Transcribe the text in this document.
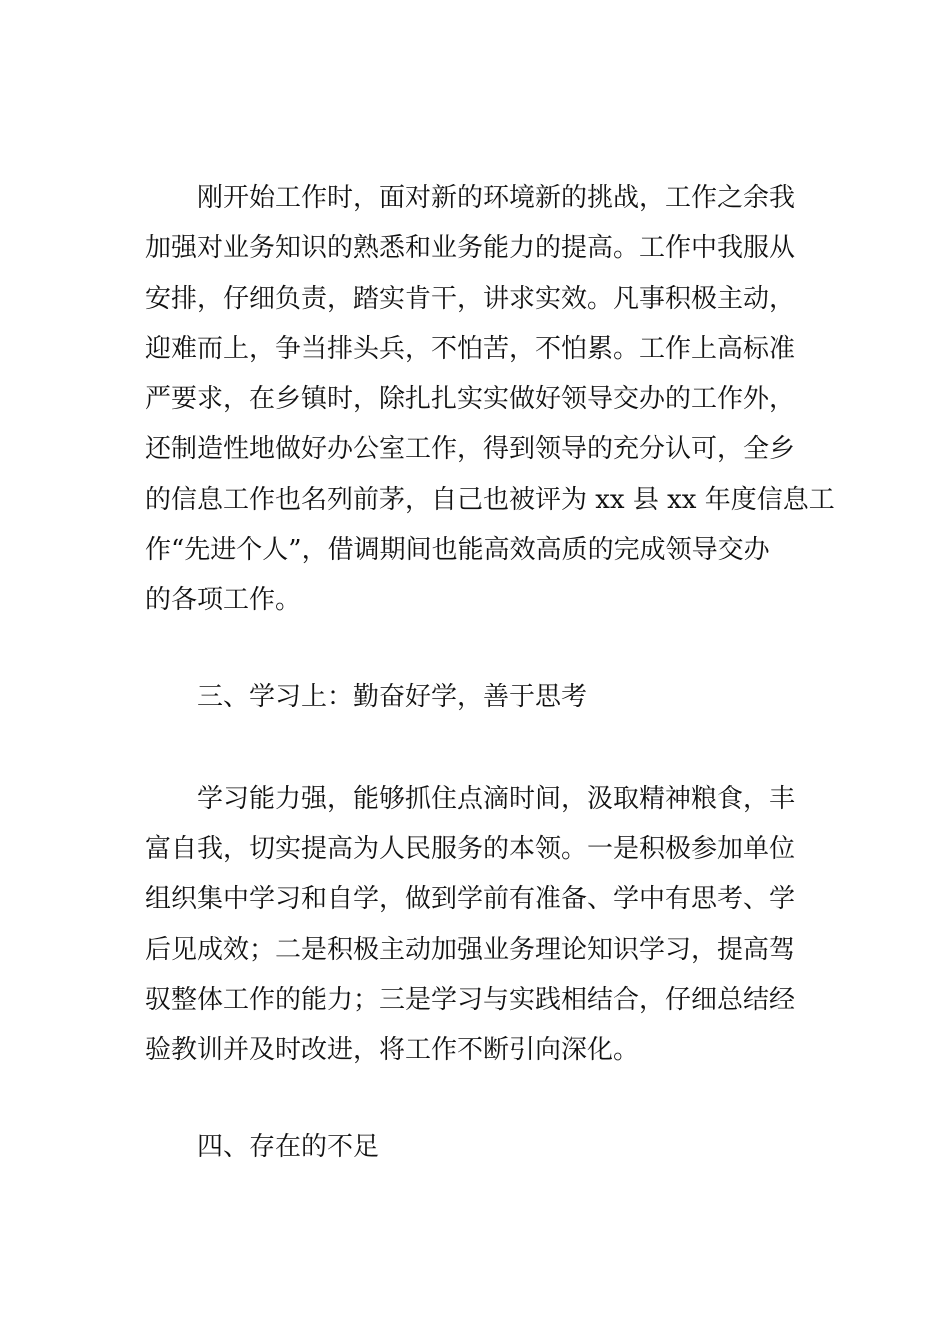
刚开始工作时，面对新的环境新的挑战，工作之余我
加强对业务知识的熟悉和业务能力的提高。工作中我服从
安排，仔细负责，踏实肯干，讲求实效。凡事积极主动，
迎难而上，争当排头兵，不怕苦，不怕累。工作上高标准
严要求，在乡镇时，除扎扎实实做好领导交办的工作外，
还制造性地做好办公室工作，得到领导的充分认可，全乡
的信息工作也名列前茅，自己也被评为 xx 县 xx 年度信息工
作“先进个人”，借调期间也能高效高质的完成领导交办
的各项工作。
三、学习上：勤奋好学，善于思考
学习能力强，能够抓住点滴时间，汲取精神粮食，丰
富自我，切实提高为人民服务的本领。一是积极参加单位
组织集中学习和自学，做到学前有准备、学中有思考、学
后见成效；二是积极主动加强业务理论知识学习，提高驾
驭整体工作的能力；三是学习与实践相结合，仔细总结经
验教训并及时改进，将工作不断引向深化。
四、存在的不足
